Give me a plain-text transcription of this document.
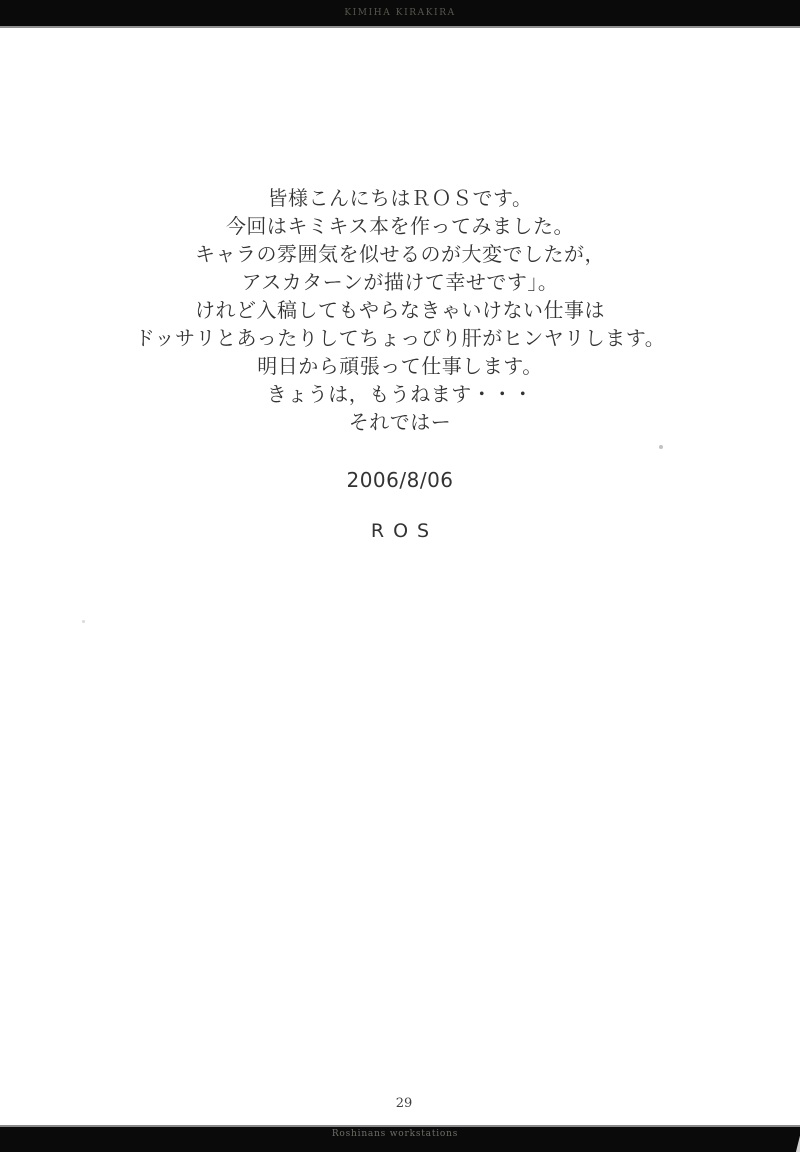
KIMIHA KIRAKIRA
皆様こんにちはＲＯＳです。
今回はキミキス本を作ってみました。
キャラの雰囲気を似せるのが大変でしたが，
アスカターンが描けて幸せです」。
けれど入稿してもやらなきゃいけない仕事は
ドッサリとあったりしてちょっぴり肝がヒンヤリします。
明日から頑張って仕事します。
きょうは，もうねます・・・
それではー
2006/8/06
ROS
29
Roshinans workstations
